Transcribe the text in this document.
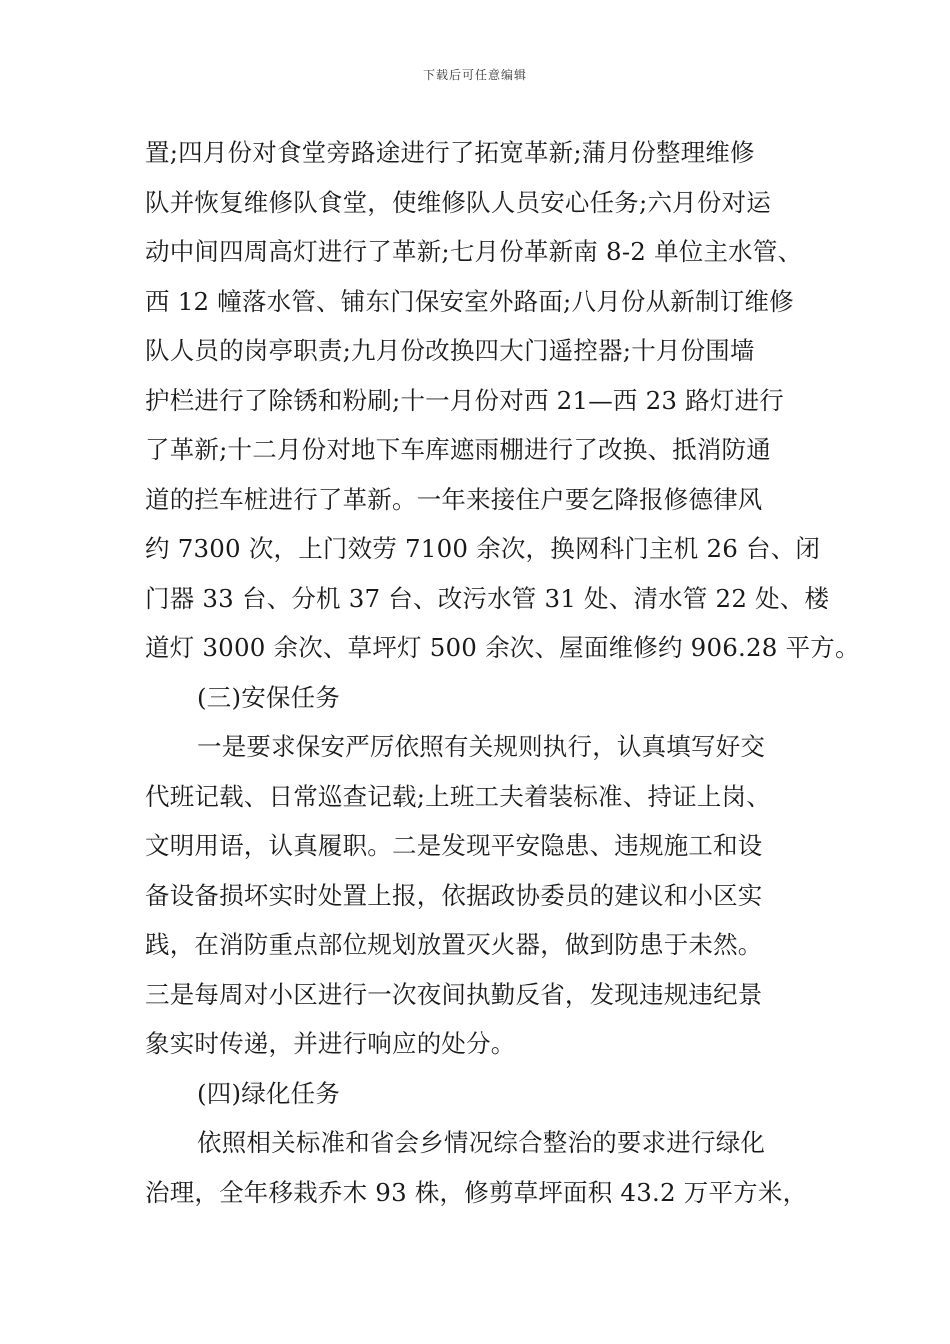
下载后可任意编辑
置;四月份对食堂旁路途进行了拓宽革新;蒲月份整理维修
队并恢复维修队食堂，使维修队人员安心任务;六月份对运
动中间四周高灯进行了革新;七月份革新南 8-2 单位主水管、
西 12 幢落水管、铺东门保安室外路面;八月份从新制订维修
队人员的岗亭职责;九月份改换四大门遥控器;十月份围墙
护栏进行了除锈和粉刷;十一月份对西 21—西 23 路灯进行
了革新;十二月份对地下车库遮雨棚进行了改换、抵消防通
道的拦车桩进行了革新。一年来接住户要乞降报修德律风
约 7300 次，上门效劳 7100 余次，换网科门主机 26 台、闭
门器 33 台、分机 37 台、改污水管 31 处、清水管 22 处、楼
道灯 3000 余次、草坪灯 500 余次、屋面维修约 906.28 平方。
(三)安保任务
一是要求保安严厉依照有关规则执行，认真填写好交
代班记载、日常巡查记载;上班工夫着装标准、持证上岗、
文明用语，认真履职。二是发现平安隐患、违规施工和设
备设备损坏实时处置上报，依据政协委员的建议和小区实
践，在消防重点部位规划放置灭火器，做到防患于未然。
三是每周对小区进行一次夜间执勤反省，发现违规违纪景
象实时传递，并进行响应的处分。
(四)绿化任务
依照相关标准和省会乡情况综合整治的要求进行绿化
治理，全年移栽乔木 93 株，修剪草坪面积 43.2 万平方米，
